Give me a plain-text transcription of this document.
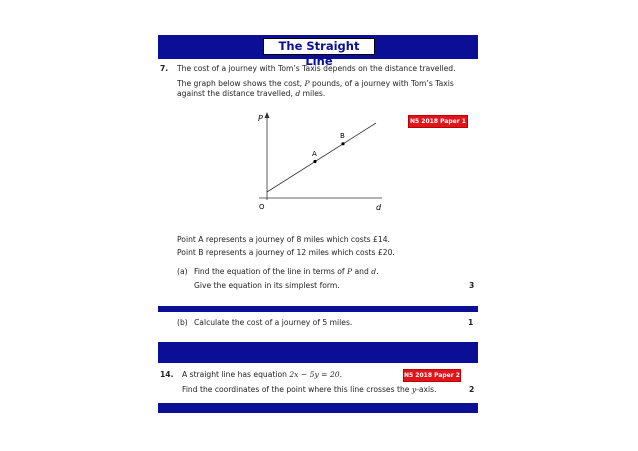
The Straight Line
7. The cost of a journey with Tom’s Taxis depends on the distance travelled.
The graph below shows the cost, P pounds, of a journey with Tom’s Taxis
against the distance travelled, d miles.
N5 2018 Paper 1
P
d
O
A
B
Point A represents a journey of 8 miles which costs £14.
Point B represents a journey of 12 miles which costs £20.
(a) Find the equation of the line in terms of P and d.
Give the equation in its simplest form.	3
(b) Calculate the cost of a journey of 5 miles.	1
14. A straight line has equation 2x − 5y = 20.	N5 2018 Paper 2
Find the coordinates of the point where this line crosses the y-axis.	2
